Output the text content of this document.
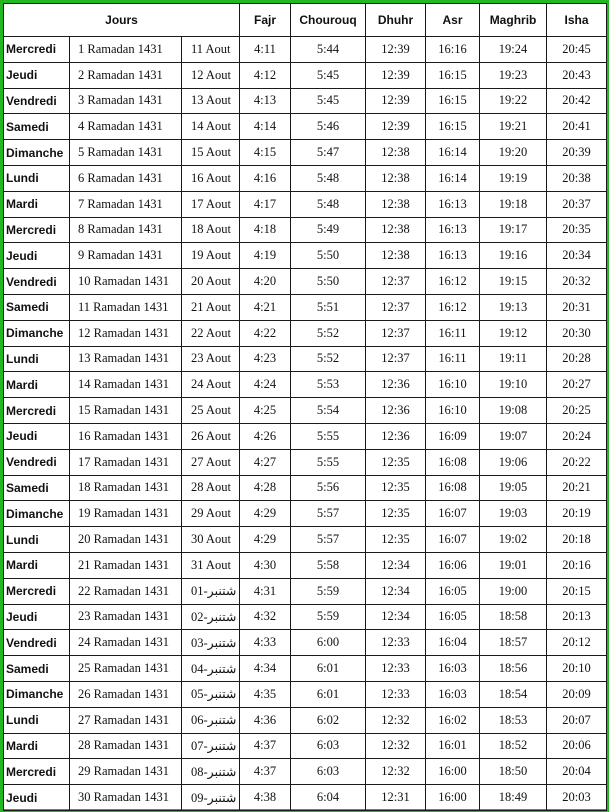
Jours			Fajr	Chourouq	Dhuhr	Asr	Maghrib	Isha
Mercredi	1 Ramadan 1431	11 Aout	4:11	5:44	12:39	16:16	19:24	20:45
Jeudi	2 Ramadan 1431	12 Aout	4:12	5:45	12:39	16:15	19:23	20:43
Vendredi	3 Ramadan 1431	13 Aout	4:13	5:45	12:39	16:15	19:22	20:42
Samedi	4 Ramadan 1431	14 Aout	4:14	5:46	12:39	16:15	19:21	20:41
Dimanche	5 Ramadan 1431	15 Aout	4:15	5:47	12:38	16:14	19:20	20:39
Lundi	6 Ramadan 1431	16 Aout	4:16	5:48	12:38	16:14	19:19	20:38
Mardi	7 Ramadan 1431	17 Aout	4:17	5:48	12:38	16:13	19:18	20:37
Mercredi	8 Ramadan 1431	18 Aout	4:18	5:49	12:38	16:13	19:17	20:35
Jeudi	9 Ramadan 1431	19 Aout	4:19	5:50	12:38	16:13	19:16	20:34
Vendredi	10 Ramadan 1431	20 Aout	4:20	5:50	12:37	16:12	19:15	20:32
Samedi	11 Ramadan 1431	21 Aout	4:21	5:51	12:37	16:12	19:13	20:31
Dimanche	12 Ramadan 1431	22 Aout	4:22	5:52	12:37	16:11	19:12	20:30
Lundi	13 Ramadan 1431	23 Aout	4:23	5:52	12:37	16:11	19:11	20:28
Mardi	14 Ramadan 1431	24 Aout	4:24	5:53	12:36	16:10	19:10	20:27
Mercredi	15 Ramadan 1431	25 Aout	4:25	5:54	12:36	16:10	19:08	20:25
Jeudi	16 Ramadan 1431	26 Aout	4:26	5:55	12:36	16:09	19:07	20:24
Vendredi	17 Ramadan 1431	27 Aout	4:27	5:55	12:35	16:08	19:06	20:22
Samedi	18 Ramadan 1431	28 Aout	4:28	5:56	12:35	16:08	19:05	20:21
Dimanche	19 Ramadan 1431	29 Aout	4:29	5:57	12:35	16:07	19:03	20:19
Lundi	20 Ramadan 1431	30 Aout	4:29	5:57	12:35	16:07	19:02	20:18
Mardi	21 Ramadan 1431	31 Aout	4:30	5:58	12:34	16:06	19:01	20:16
Mercredi	22 Ramadan 1431	01-شتنبر	4:31	5:59	12:34	16:05	19:00	20:15
Jeudi	23 Ramadan 1431	02-شتنبر	4:32	5:59	12:34	16:05	18:58	20:13
Vendredi	24 Ramadan 1431	03-شتنبر	4:33	6:00	12:33	16:04	18:57	20:12
Samedi	25 Ramadan 1431	04-شتنبر	4:34	6:01	12:33	16:03	18:56	20:10
Dimanche	26 Ramadan 1431	05-شتنبر	4:35	6:01	12:33	16:03	18:54	20:09
Lundi	27 Ramadan 1431	06-شتنبر	4:36	6:02	12:32	16:02	18:53	20:07
Mardi	28 Ramadan 1431	07-شتنبر	4:37	6:03	12:32	16:01	18:52	20:06
Mercredi	29 Ramadan 1431	08-شتنبر	4:37	6:03	12:32	16:00	18:50	20:04
Jeudi	30 Ramadan 1431	09-شتنبر	4:38	6:04	12:31	16:00	18:49	20:03
